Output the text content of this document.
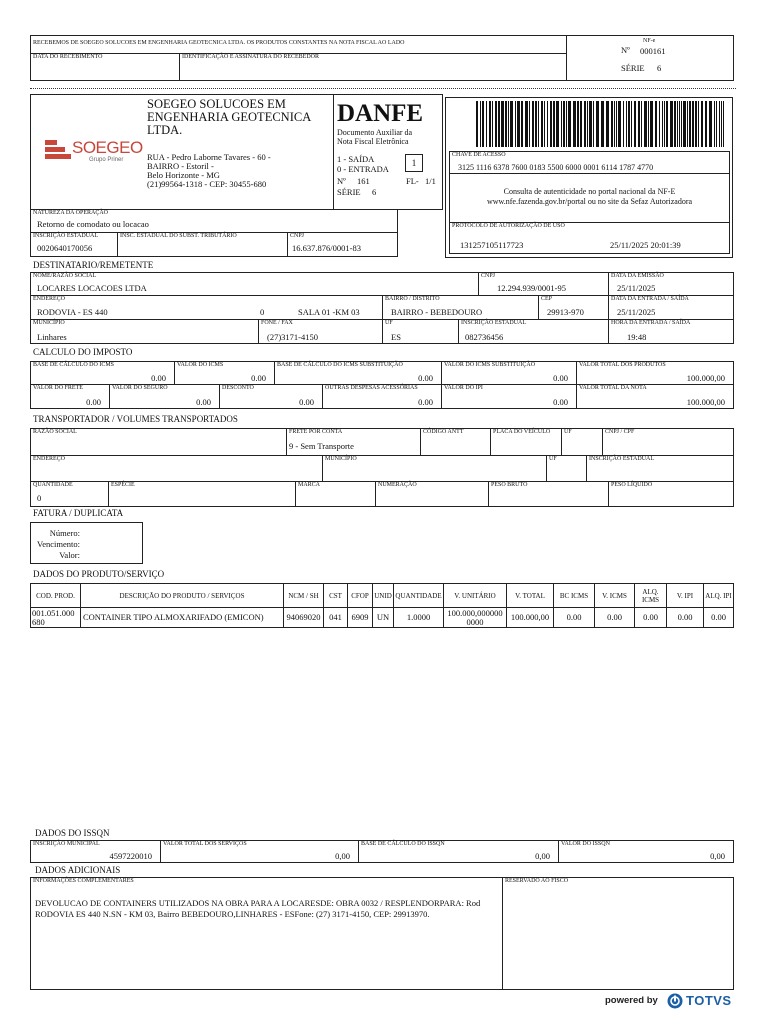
RECEBEMOS DE SOEGEO SOLUCOES EM ENGENHARIA GEOTECNICA LTDA. OS PRODUTOS CONSTANTES NA NOTA FISCAL AO LADO
DATA DO RECEBIMENTO	IDENTIFICAÇÃO E ASSINATURA DO RECEBEDOR
NF-e
Nº 000161
SÉRIE 6
SOEGEO
Grupo Priner
SOEGEO SOLUCOES EM ENGENHARIA GEOTECNICA LTDA.
RUA - Pedro Laborne Tavares - 60 -
BAIRRO - Estoril -
Belo Horizonte - MG
(21)99564-1318 - CEP: 30455-680
DANFE
Documento Auxiliar da
Nota Fiscal Eletrônica
1 - SAÍDA
0 - ENTRADA
1
Nº 161	FL- 1/1
SÉRIE 6
CHAVE DE ACESSO
3125 1116 6378 7600 0183 5500 6000 0001 6114 1787 4770
Consulta de autenticidade no portal nacional da NF-E
www.nfe.fazenda.gov.br/portal ou no site da Sefaz Autorizadora
PROTOCOLO DE AUTORIZAÇÃO DE USO
131257105117723	25/11/2025 20:01:39
NATUREZA DA OPERAÇÃO
Retorno de comodato ou locacao
INSCRIÇÃO ESTADUAL
0020640170056
INSC. ESTADUAL DO SUBST. TRIBUTÁRIO	CNPJ
16.637.876/0001-83
DESTINATARIO/REMETENTE
NOME/RAZÃO SOCIAL
LOCARES LOCACOES LTDA
CNPJ
12.294.939/0001-95
DATA DA EMISSÃO
25/11/2025
ENDEREÇO
RODOVIA - ES 440	0	SALA 01 -KM 03
BAIRRO / DISTRITO
BAIRRO - BEBEDOURO
CEP
29913-970
DATA DA ENTRADA / SAÍDA
25/11/2025
MUNICÍPIO
Linhares
FONE / FAX
(27)3171-4150
UF
ES
INSCRIÇÃO ESTADUAL
082736456
HORA DA ENTRADA / SAÍDA
19:48
CALCULO DO IMPOSTO
BASE DE CÁLCULO DO ICMS
0.00
VALOR DO ICMS
0.00
BASE DE CÁLCULO DO ICMS SUBSTITUIÇÃO
0.00
VALOR DO ICMS SUBSTITUIÇÃO
0.00
VALOR TOTAL DOS PRODUTOS
100.000,00
VALOR DO FRETE
0.00
VALOR DO SEGURO
0.00
DESCONTO
0.00
OUTRAS DESPESAS ACESSÓRIAS
0.00
VALOR DO IPI
0.00
VALOR TOTAL DA NOTA
100.000,00
TRANSPORTADOR / VOLUMES TRANSPORTADOS
RAZÃO SOCIAL	FRETE POR CONTA
9 - Sem Transporte
CÓDIGO ANTT	PLACA DO VEÍCULO UF	CNPJ / CPF
ENDEREÇO	MUNICÍPIO	UF	INSCRIÇÃO ESTADUAL
QUANTIDADE
0
ESPÉCIE	MARCA	NUMERAÇÃO	PESO BRUTO	PESO LÍQUIDO
FATURA / DUPLICATA
Número:
Vencimento:
Valor:
DADOS DO PRODUTO/SERVIÇO
COD. PROD.	DESCRIÇÃO DO PRODUTO / SERVIÇOS	NCM / SH	CST	CFOP UNID QUANTIDADE	V. UNITÁRIO	V. TOTAL	BC ICMS	V. ICMS	ALQ. ICMS	V. IPI	ALQ. IPI
001.051.000 680	CONTAINER TIPO ALMOXARIFADO (EMICON)	94069020	041	6909 UN	1.0000	100.000,000000 0000	100.000,00	0.00	0.00	0.00	0.00	0.00
DADOS DO ISSQN
INSCRIÇÃO MUNICIPAL
4597220010
VALOR TOTAL DOS SERVIÇOS
0,00
BASE DE CÁLCULO DO ISSQN
0,00
VALOR DO ISSQN
0,00
DADOS ADICIONAIS
INFORMAÇÕES COMPLEMENTARES
DEVOLUCAO DE CONTAINERS UTILIZADOS NA OBRA PARA A LOCARESDE: OBRA 0032 / RESPLENDORPARA: Rod
RODOVIA ES 440 N.SN - KM 03, Bairro BEBEDOURO,LINHARES - ESFone: (27) 3171-4150, CEP: 29913970.
RESERVADO AO FISCO
powered by TOTVS
